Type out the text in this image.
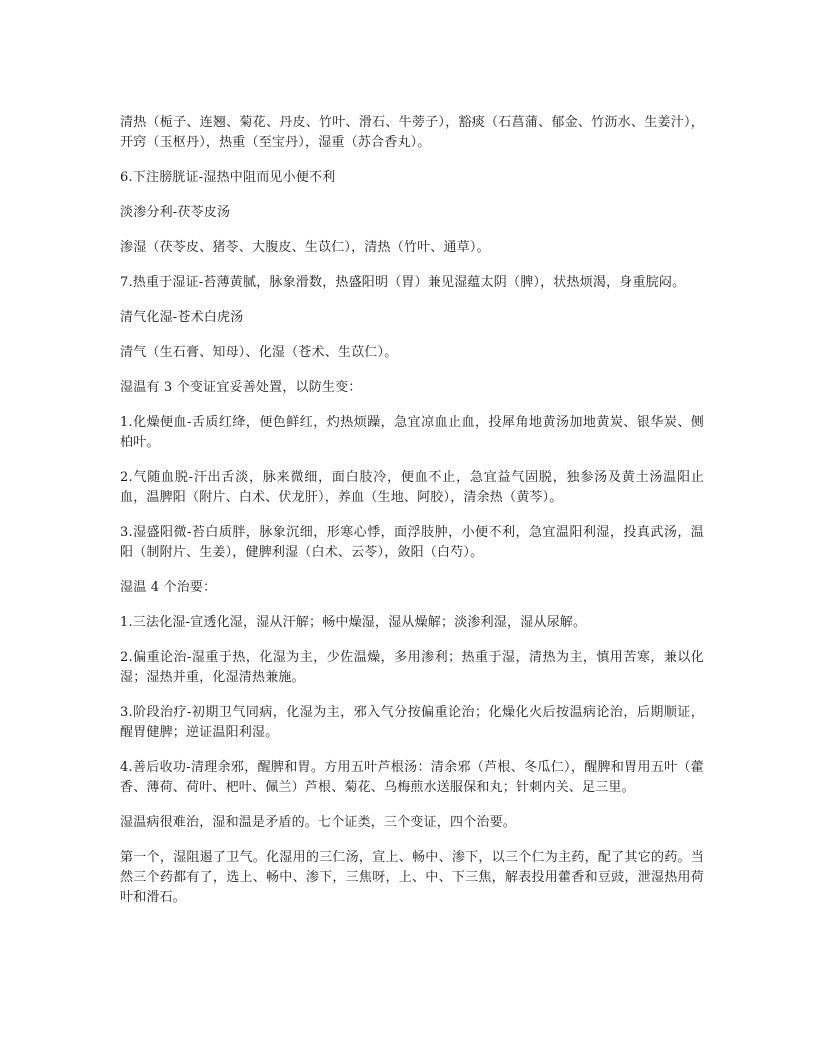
清热（栀子、连翘、菊花、丹皮、竹叶、滑石、牛蒡子），豁痰（石菖蒲、郁金、竹沥水、生姜汁），开窍（玉枢丹），热重（至宝丹），湿重（苏合香丸）。

6.下注膀胱证-湿热中阻而见小便不利

淡渗分利-茯苓皮汤

渗湿（茯苓皮、猪苓、大腹皮、生苡仁），清热（竹叶、通草）。

7.热重于湿证-苔薄黄腻，脉象滑数，热盛阳明（胃）兼见湿蕴太阴（脾），状热烦渴，身重脘闷。

清气化湿-苍术白虎汤

清气（生石膏、知母）、化湿（苍术、生苡仁）。

湿温有 3 个变证宜妥善处置，以防生变：

1.化燥便血-舌质红绛，便色鲜红，灼热烦躁，急宜凉血止血，投犀角地黄汤加地黄炭、银华炭、侧柏叶。

2.气随血脱-汗出舌淡，脉来微细，面白肢冷，便血不止，急宜益气固脱，独参汤及黄土汤温阳止血，温脾阳（附片、白术、伏龙肝），养血（生地、阿胶），清余热（黄芩）。

3.湿盛阳微-苔白质胖，脉象沉细，形寒心悸，面浮肢肿，小便不利，急宜温阳利湿，投真武汤，温阳（制附片、生姜），健脾利湿（白术、云苓），敛阳（白芍）。

湿温 4 个治要：

1.三法化湿-宣透化湿，湿从汗解；畅中燥湿，湿从燥解；淡渗利湿，湿从尿解。

2.偏重论治-湿重于热，化湿为主，少佐温燥，多用渗利；热重于湿，清热为主，慎用苦寒，兼以化湿；湿热并重，化湿清热兼施。

3.阶段治疗-初期卫气同病，化湿为主，邪入气分按偏重论治；化燥化火后按温病论治，后期顺证，醒胃健脾；逆证温阳利湿。

4.善后收功-清理余邪，醒脾和胃。方用五叶芦根汤：清余邪（芦根、冬瓜仁），醒脾和胃用五叶（藿香、薄荷、荷叶、杷叶、佩兰）芦根、菊花、乌梅煎水送服保和丸；针刺内关、足三里。

湿温病很难治，湿和温是矛盾的。七个证类，三个变证，四个治要。

第一个，湿阻遏了卫气。化湿用的三仁汤，宣上、畅中、渗下，以三个仁为主药，配了其它的药。当然三个药都有了，选上、畅中、渗下，三焦呀，上、中、下三焦，解表投用藿香和豆豉，泄湿热用荷叶和滑石。
